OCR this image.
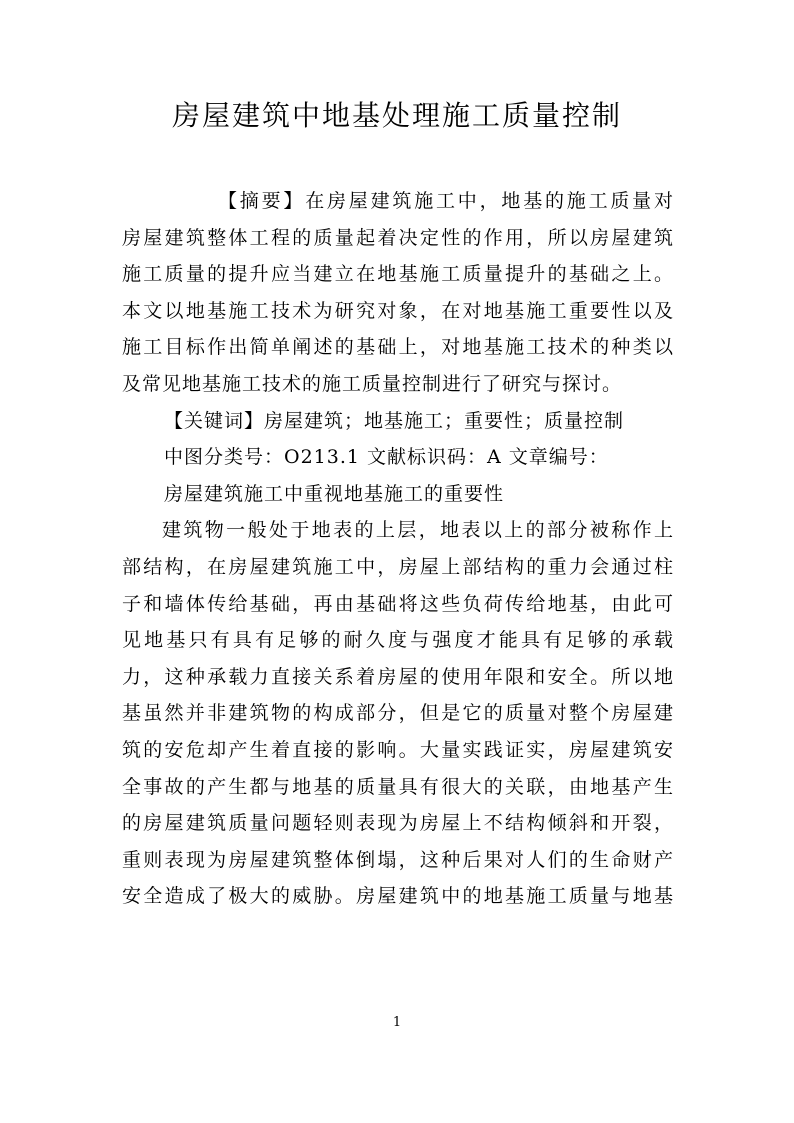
房屋建筑中地基处理施工质量控制
【摘要】在房屋建筑施工中，地基的施工质量对
房屋建筑整体工程的质量起着决定性的作用，所以房屋建筑
施工质量的提升应当建立在地基施工质量提升的基础之上。
本文以地基施工技术为研究对象，在对地基施工重要性以及
施工目标作出简单阐述的基础上，对地基施工技术的种类以
及常见地基施工技术的施工质量控制进行了研究与探讨。
【关键词】房屋建筑；地基施工；重要性；质量控制
中图分类号：O213.1 文献标识码：A 文章编号：
房屋建筑施工中重视地基施工的重要性
建筑物一般处于地表的上层，地表以上的部分被称作上
部结构，在房屋建筑施工中，房屋上部结构的重力会通过柱
子和墙体传给基础，再由基础将这些负荷传给地基，由此可
见地基只有具有足够的耐久度与强度才能具有足够的承载
力，这种承载力直接关系着房屋的使用年限和安全。所以地
基虽然并非建筑物的构成部分，但是它的质量对整个房屋建
筑的安危却产生着直接的影响。大量实践证实，房屋建筑安
全事故的产生都与地基的质量具有很大的关联，由地基产生
的房屋建筑质量问题轻则表现为房屋上不结构倾斜和开裂，
重则表现为房屋建筑整体倒塌，这种后果对人们的生命财产
安全造成了极大的威胁。房屋建筑中的地基施工质量与地基
1
